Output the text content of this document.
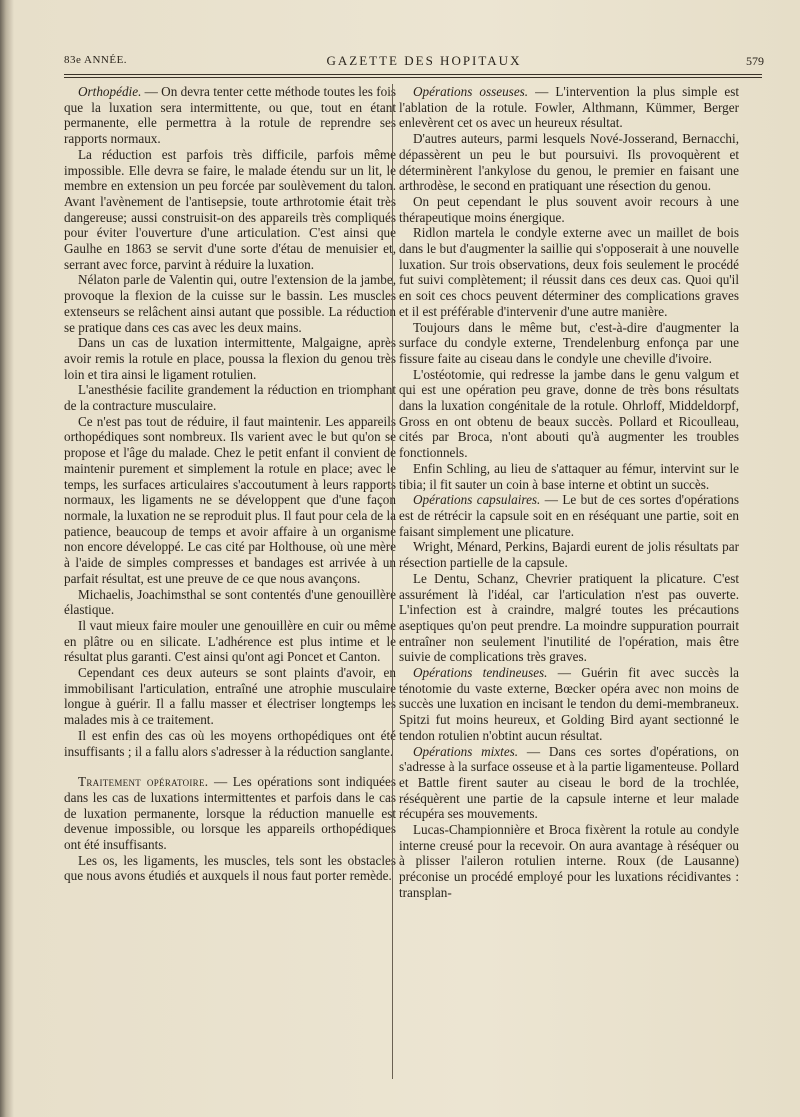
83e ANNÉE.	GAZETTE DES HOPITAUX	579

Orthopédie. — On devra tenter cette méthode toutes les fois que la luxation sera intermittente, ou que, tout en étant permanente, elle permettra à la rotule de reprendre ses rapports normaux.

La réduction est parfois très difficile, parfois même impossible. Elle devra se faire, le malade étendu sur un lit, le membre en extension un peu forcée par soulèvement du talon. Avant l'avènement de l'antisepsie, toute arthrotomie était très dangereuse; aussi construisit-on des appareils très compliqués pour éviter l'ouverture d'une articulation. C'est ainsi que Gaulhe en 1863 se servit d'une sorte d'étau de menuisier et, serrant avec force, parvint à réduire la luxation.

Nélaton parle de Valentin qui, outre l'extension de la jambe, provoque la flexion de la cuisse sur le bassin. Les muscles extenseurs se relâchent ainsi autant que possible. La réduction se pratique dans ces cas avec les deux mains.

Dans un cas de luxation intermittente, Malgaigne, après avoir remis la rotule en place, poussa la flexion du genou très loin et tira ainsi le ligament rotulien.

L'anesthésie facilite grandement la réduction en triomphant de la contracture musculaire.

Ce n'est pas tout de réduire, il faut maintenir. Les appareils orthopédiques sont nombreux. Ils varient avec le but qu'on se propose et l'âge du malade. Chez le petit enfant il convient de maintenir purement et simplement la rotule en place; avec le temps, les surfaces articulaires s'accoutument à leurs rapports normaux, les ligaments ne se développent que d'une façon normale, la luxation ne se reproduit plus. Il faut pour cela de la patience, beaucoup de temps et avoir affaire à un organisme non encore développé. Le cas cité par Holthouse, où une mère à l'aide de simples compresses et bandages est arrivée à un parfait résultat, est une preuve de ce que nous avançons.

Michaelis, Joachimsthal se sont contentés d'une genouillère élastique.

Il vaut mieux faire mouler une genouillère en cuir ou même en plâtre ou en silicate. L'adhérence est plus intime et le résultat plus garanti. C'est ainsi qu'ont agi Poncet et Canton.

Cependant ces deux auteurs se sont plaints d'avoir, en immobilisant l'articulation, entraîné une atrophie musculaire longue à guérir. Il a fallu masser et électriser longtemps les malades mis à ce traitement.

Il est enfin des cas où les moyens orthopédiques ont été insuffisants ; il a fallu alors s'adresser à la réduction sanglante.

Traitement opératoire. — Les opérations sont indiquées dans les cas de luxations intermittentes et parfois dans le cas de luxation permanente, lorsque la réduction manuelle est devenue impossible, ou lorsque les appareils orthopédiques ont été insuffisants.

Les os, les ligaments, les muscles, tels sont les obstacles que nous avons étudiés et auxquels il nous faut porter remède.

Opérations osseuses. — L'intervention la plus simple est l'ablation de la rotule. Fowler, Althmann, Kümmer, Berger enlevèrent cet os avec un heureux résultat.

D'autres auteurs, parmi lesquels Nové-Josserand, Bernacchi, dépassèrent un peu le but poursuivi. Ils provoquèrent et déterminèrent l'ankylose du genou, le premier en faisant une arthrodèse, le second en pratiquant une résection du genou.

On peut cependant le plus souvent avoir recours à une thérapeutique moins énergique.

Ridlon martela le condyle externe avec un maillet de bois dans le but d'augmenter la saillie qui s'opposerait à une nouvelle luxation. Sur trois observations, deux fois seulement le procédé fut suivi complètement; il réussit dans ces deux cas. Quoi qu'il en soit ces chocs peuvent déterminer des complications graves et il est préférable d'intervenir d'une autre manière.

Toujours dans le même but, c'est-à-dire d'augmenter la surface du condyle externe, Trendelenburg enfonça par une fissure faite au ciseau dans le condyle une cheville d'ivoire.

L'ostéotomie, qui redresse la jambe dans le genu valgum et qui est une opération peu grave, donne de très bons résultats dans la luxation congénitale de la rotule. Ohrloff, Middeldorpf, Gross en ont obtenu de beaux succès. Pollard et Ricoulleau, cités par Broca, n'ont abouti qu'à augmenter les troubles fonctionnels.

Enfin Schling, au lieu de s'attaquer au fémur, intervint sur le tibia; il fit sauter un coin à base interne et obtint un succès.

Opérations capsulaires. — Le but de ces sortes d'opérations est de rétrécir la capsule soit en en réséquant une partie, soit en faisant simplement une plicature.

Wright, Ménard, Perkins, Bajardi eurent de jolis résultats par résection partielle de la capsule.

Le Dentu, Schanz, Chevrier pratiquent la plicature. C'est assurément là l'idéal, car l'articulation n'est pas ouverte. L'infection est à craindre, malgré toutes les précautions aseptiques qu'on peut prendre. La moindre suppuration pourrait entraîner non seulement l'inutilité de l'opération, mais être suivie de complications très graves.

Opérations tendineuses. — Guérin fit avec succès la ténotomie du vaste externe, Bœcker opéra avec non moins de succès une luxation en incisant le tendon du demi-membraneux. Spitzi fut moins heureux, et Golding Bird ayant sectionné le tendon rotulien n'obtint aucun résultat.

Opérations mixtes. — Dans ces sortes d'opérations, on s'adresse à la surface osseuse et à la partie ligamenteuse. Pollard et Battle firent sauter au ciseau le bord de la trochlée, réséquèrent une partie de la capsule interne et leur malade récupéra ses mouvements.

Lucas-Championnière et Broca fixèrent la rotule au condyle interne creusé pour la recevoir. On aura avantage à réséquer ou à plisser l'aileron rotulien interne. Roux (de Lausanne) préconise un procédé employé pour les luxations récidivantes : transplan-
